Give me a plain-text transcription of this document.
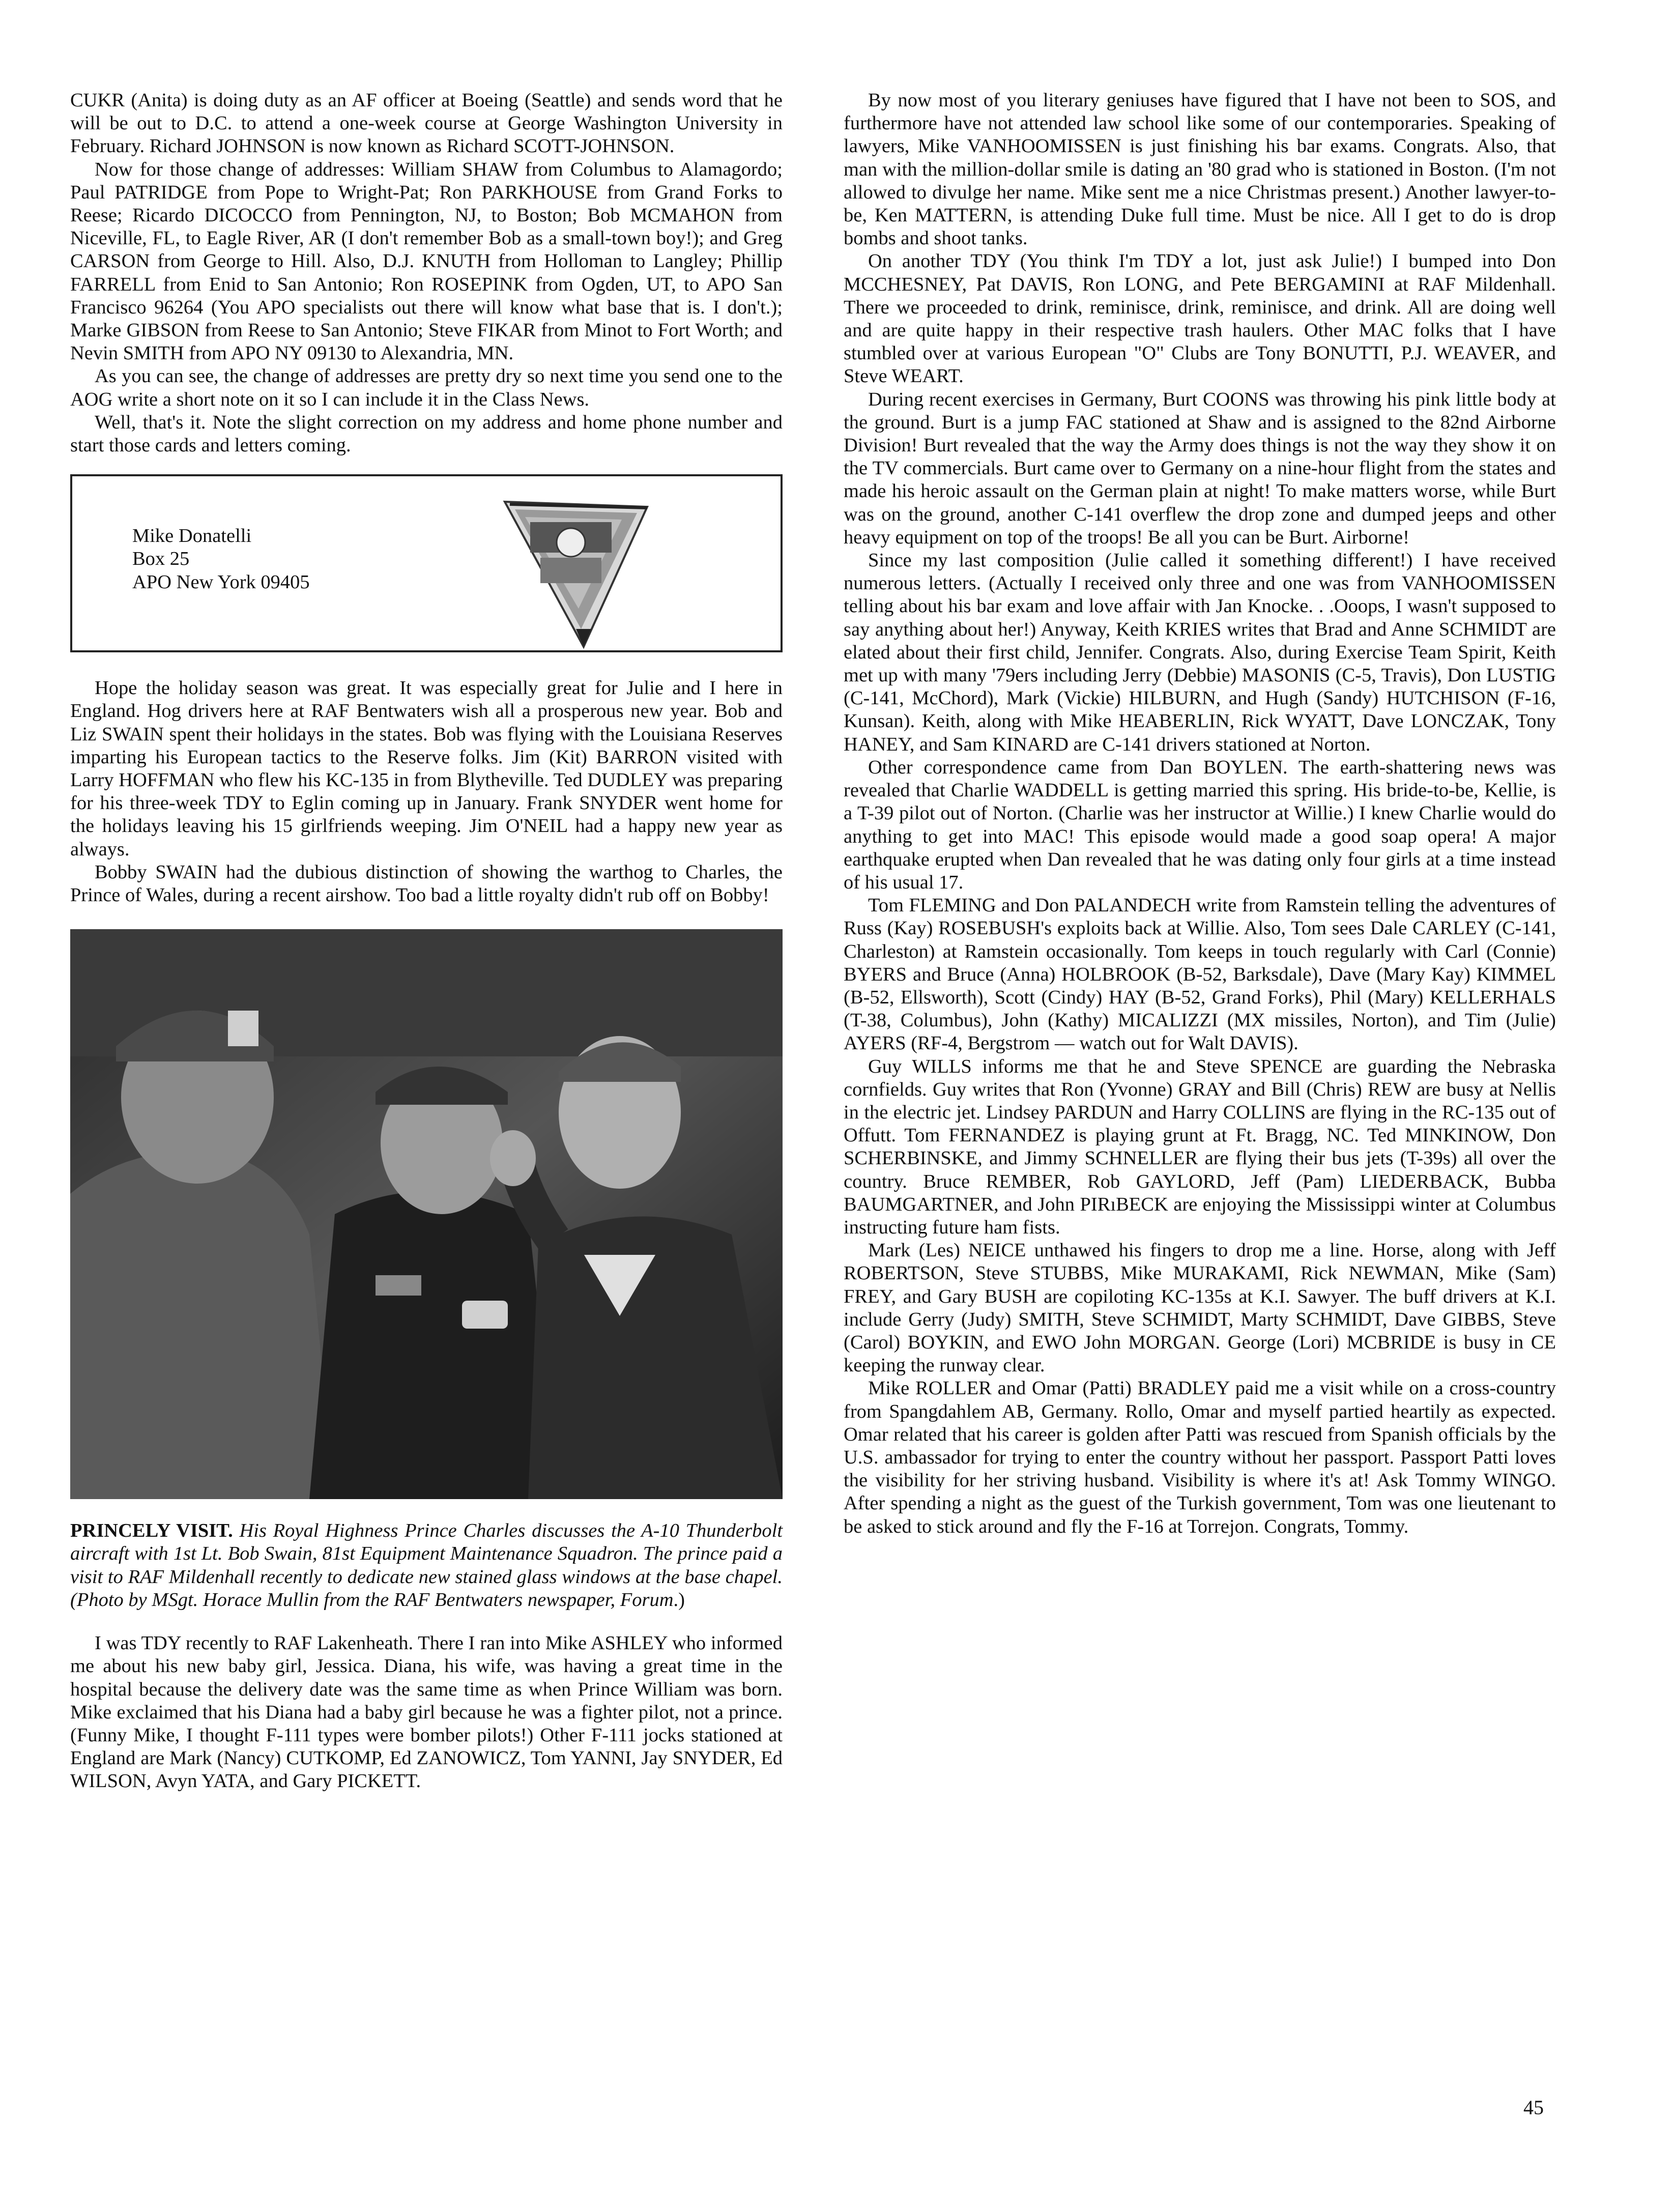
CUKR (Anita) is doing duty as an AF officer at Boeing (Seattle) and sends word that he will be out to D.C. to attend a one-week course at George Washington University in February. Richard JOHNSON is now known as Richard SCOTT-JOHNSON.

Now for those change of addresses: William SHAW from Columbus to Alamagordo; Paul PATRIDGE from Pope to Wright-Pat; Ron PARKHOUSE from Grand Forks to Reese; Ricardo DICOCCO from Pennington, NJ, to Boston; Bob MCMAHON from Niceville, FL, to Eagle River, AR (I don't remember Bob as a small-town boy!); and Greg CARSON from George to Hill. Also, D.J. KNUTH from Holloman to Langley; Phillip FARRELL from Enid to San Antonio; Ron ROSEPINK from Ogden, UT, to APO San Francisco 96264 (You APO specialists out there will know what base that is. I don't.); Marke GIBSON from Reese to San Antonio; Steve FIKAR from Minot to Fort Worth; and Nevin SMITH from APO NY 09130 to Alexandria, MN.

As you can see, the change of addresses are pretty dry so next time you send one to the AOG write a short note on it so I can include it in the Class News.

Well, that's it. Note the slight correction on my address and home phone number and start those cards and letters coming.

Mike Donatelli
Box 25
APO New York 09405

Hope the holiday season was great. It was especially great for Julie and I here in England. Hog drivers here at RAF Bentwaters wish all a prosperous new year. Bob and Liz SWAIN spent their holidays in the states. Bob was flying with the Louisiana Reserves imparting his European tactics to the Reserve folks. Jim (Kit) BARRON visited with Larry HOFFMAN who flew his KC-135 in from Blytheville. Ted DUDLEY was preparing for his three-week TDY to Eglin coming up in January. Frank SNYDER went home for the holidays leaving his 15 girlfriends weeping. Jim O'NEIL had a happy new year as always.

Bobby SWAIN had the dubious distinction of showing the warthog to Charles, the Prince of Wales, during a recent airshow. Too bad a little royalty didn't rub off on Bobby!

PRINCELY VISIT. His Royal Highness Prince Charles discusses the A-10 Thunderbolt aircraft with 1st Lt. Bob Swain, 81st Equipment Maintenance Squadron. The prince paid a visit to RAF Mildenhall recently to dedicate new stained glass windows at the base chapel. (Photo by MSgt. Horace Mullin from the RAF Bentwaters newspaper, Forum.)

I was TDY recently to RAF Lakenheath. There I ran into Mike ASHLEY who informed me about his new baby girl, Jessica. Diana, his wife, was having a great time in the hospital because the delivery date was the same time as when Prince William was born. Mike exclaimed that his Diana had a baby girl because he was a fighter pilot, not a prince. (Funny Mike, I thought F-111 types were bomber pilots!) Other F-111 jocks stationed at England are Mark (Nancy) CUTKOMP, Ed ZANOWICZ, Tom YANNI, Jay SNYDER, Ed WILSON, Avyn YATA, and Gary PICKETT.

By now most of you literary geniuses have figured that I have not been to SOS, and furthermore have not attended law school like some of our contemporaries. Speaking of lawyers, Mike VANHOOMISSEN is just finishing his bar exams. Congrats. Also, that man with the million-dollar smile is dating an '80 grad who is stationed in Boston. (I'm not allowed to divulge her name. Mike sent me a nice Christmas present.) Another lawyer-to-be, Ken MATTERN, is attending Duke full time. Must be nice. All I get to do is drop bombs and shoot tanks.

On another TDY (You think I'm TDY a lot, just ask Julie!) I bumped into Don MCCHESNEY, Pat DAVIS, Ron LONG, and Pete BERGAMINI at RAF Mildenhall. There we proceeded to drink, reminisce, drink, reminisce, and drink. All are doing well and are quite happy in their respective trash haulers. Other MAC folks that I have stumbled over at various European "O" Clubs are Tony BONUTTI, P.J. WEAVER, and Steve WEART.

During recent exercises in Germany, Burt COONS was throwing his pink little body at the ground. Burt is a jump FAC stationed at Shaw and is assigned to the 82nd Airborne Division! Burt revealed that the way the Army does things is not the way they show it on the TV commercials. Burt came over to Germany on a nine-hour flight from the states and made his heroic assault on the German plain at night! To make matters worse, while Burt was on the ground, another C-141 overflew the drop zone and dumped jeeps and other heavy equipment on top of the troops! Be all you can be Burt. Airborne!

Since my last composition (Julie called it something different!) I have received numerous letters. (Actually I received only three and one was from VANHOOMISSEN telling about his bar exam and love affair with Jan Knocke. . .Ooops, I wasn't supposed to say anything about her!) Anyway, Keith KRIES writes that Brad and Anne SCHMIDT are elated about their first child, Jennifer. Congrats. Also, during Exercise Team Spirit, Keith met up with many '79ers including Jerry (Debbie) MASONIS (C-5, Travis), Don LUSTIG (C-141, McChord), Mark (Vickie) HILBURN, and Hugh (Sandy) HUTCHISON (F-16, Kunsan). Keith, along with Mike HEABERLIN, Rick WYATT, Dave LONCZAK, Tony HANEY, and Sam KINARD are C-141 drivers stationed at Norton.

Other correspondence came from Dan BOYLEN. The earth-shattering news was revealed that Charlie WADDELL is getting married this spring. His bride-to-be, Kellie, is a T-39 pilot out of Norton. (Charlie was her instructor at Willie.) I knew Charlie would do anything to get into MAC! This episode would made a good soap opera! A major earthquake erupted when Dan revealed that he was dating only four girls at a time instead of his usual 17.

Tom FLEMING and Don PALANDECH write from Ramstein telling the adventures of Russ (Kay) ROSEBUSH's exploits back at Willie. Also, Tom sees Dale CARLEY (C-141, Charleston) at Ramstein occasionally. Tom keeps in touch regularly with Carl (Connie) BYERS and Bruce (Anna) HOLBROOK (B-52, Barksdale), Dave (Mary Kay) KIMMEL (B-52, Ellsworth), Scott (Cindy) HAY (B-52, Grand Forks), Phil (Mary) KELLERHALS (T-38, Columbus), John (Kathy) MICALIZZI (MX missiles, Norton), and Tim (Julie) AYERS (RF-4, Bergstrom — watch out for Walt DAVIS).

Guy WILLS informs me that he and Steve SPENCE are guarding the Nebraska cornfields. Guy writes that Ron (Yvonne) GRAY and Bill (Chris) REW are busy at Nellis in the electric jet. Lindsey PARDUN and Harry COLLINS are flying in the RC-135 out of Offutt. Tom FERNANDEZ is playing grunt at Ft. Bragg, NC. Ted MINKINOW, Don SCHERBINSKE, and Jimmy SCHNELLER are flying their bus jets (T-39s) all over the country. Bruce REMBER, Rob GAYLORD, Jeff (Pam) LIEDERBACK, Bubba BAUMGARTNER, and John PIRıBECK are enjoying the Mississippi winter at Columbus instructing future ham fists.

Mark (Les) NEICE unthawed his fingers to drop me a line. Horse, along with Jeff ROBERTSON, Steve STUBBS, Mike MURAKAMI, Rick NEWMAN, Mike (Sam) FREY, and Gary BUSH are copiloting KC-135s at K.I. Sawyer. The buff drivers at K.I. include Gerry (Judy) SMITH, Steve SCHMIDT, Marty SCHMIDT, Dave GIBBS, Steve (Carol) BOYKIN, and EWO John MORGAN. George (Lori) MCBRIDE is busy in CE keeping the runway clear.

Mike ROLLER and Omar (Patti) BRADLEY paid me a visit while on a cross-country from Spangdahlem AB, Germany. Rollo, Omar and myself partied heartily as expected. Omar related that his career is golden after Patti was rescued from Spanish officials by the U.S. ambassador for trying to enter the country without her passport. Passport Patti loves the visibility for her striving husband. Visibility is where it's at! Ask Tommy WINGO. After spending a night as the guest of the Turkish government, Tom was one lieutenant to be asked to stick around and fly the F-16 at Torrejon. Congrats, Tommy.

45
